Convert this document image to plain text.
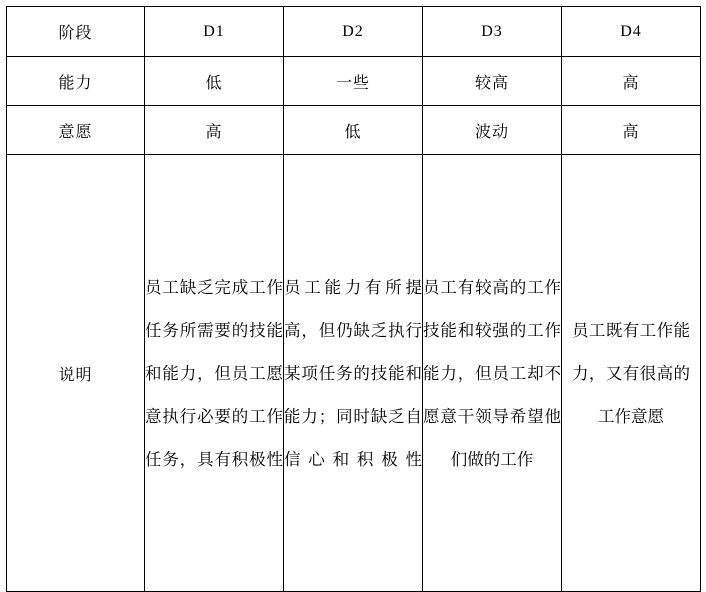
阶段	D1	D2	D3	D4
能力	低	一些	较高	高
意愿	高	低	波动	高
说明	员工缺乏完成工作任务所需要的技能和能力，但员工愿意执行必要的工作任务，具有积极性	员工能力有所提高，但仍缺乏执行某项任务的技能和能力；同时缺乏自信心和积极性	员工有较高的工作技能和较强的工作能力，但员工却不愿意干领导希望他们做的工作	员工既有工作能力，又有很高的工作意愿
